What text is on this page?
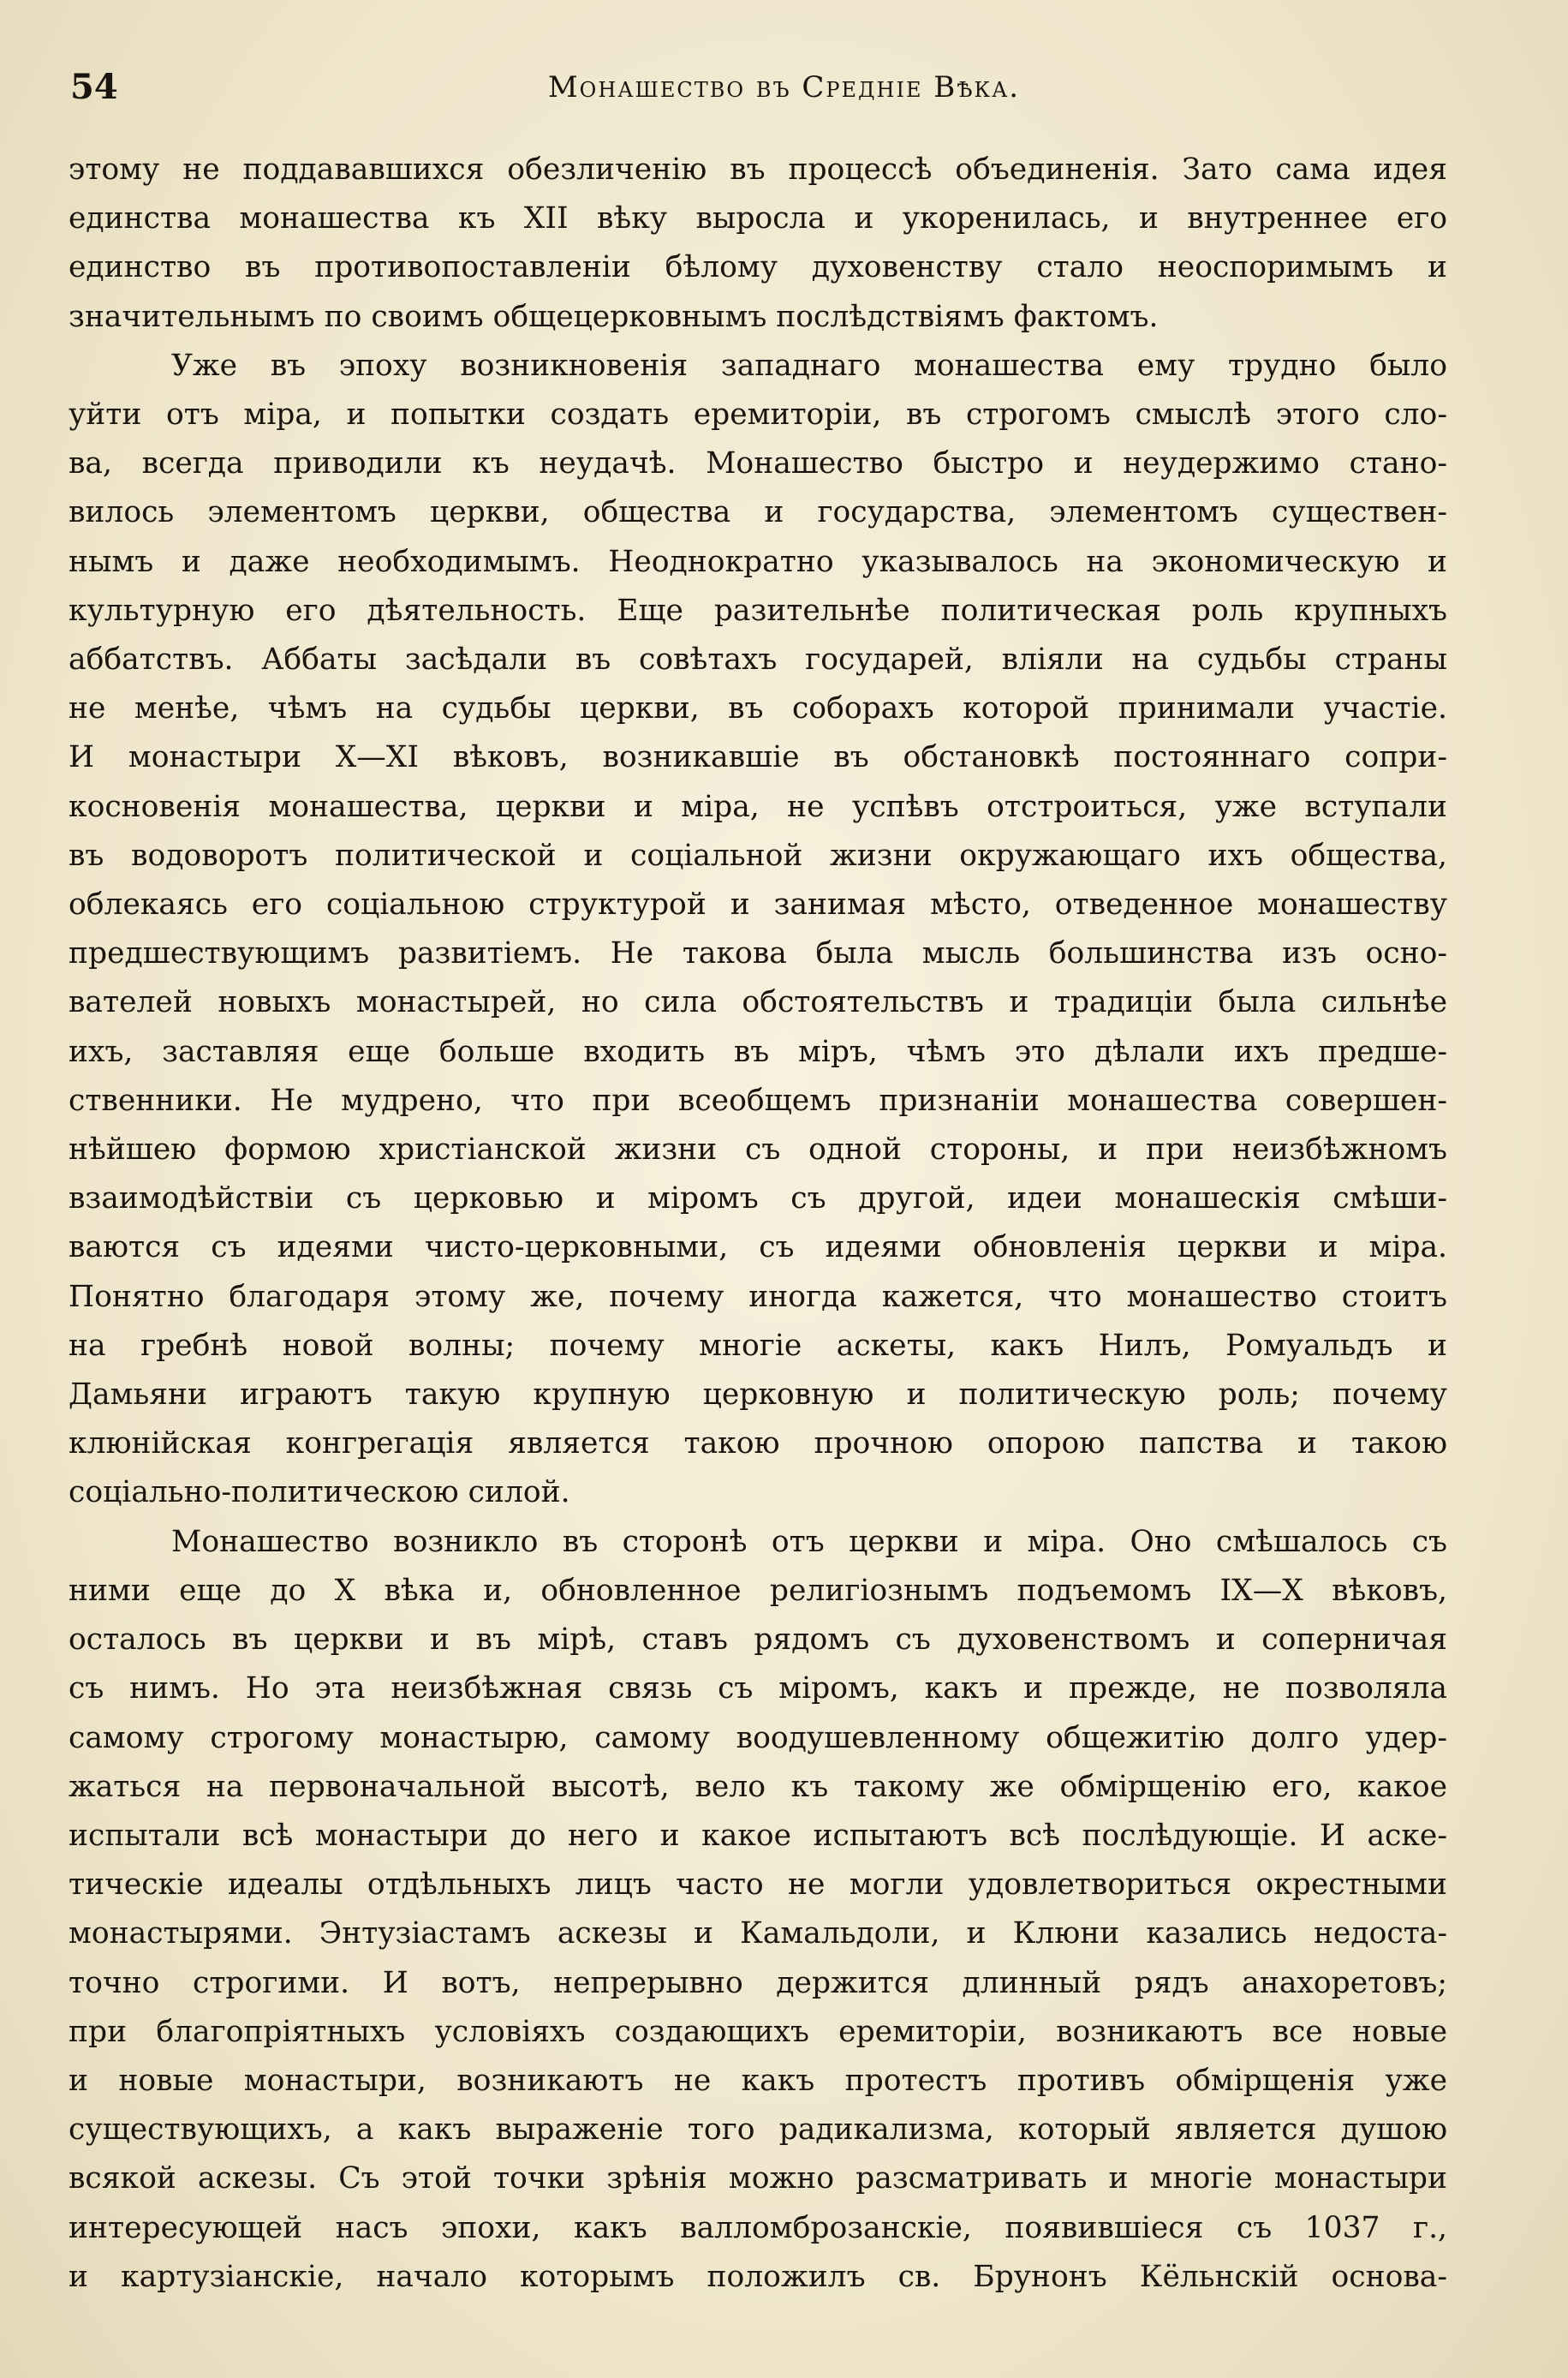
54	Монашество въ Средніе Вѣка.
этому не поддававшихся обезличенію въ процессѣ объединенія. Зато сама идея
единства монашества къ XII вѣку выросла и укоренилась, и внутреннее его
единство въ противопоставленіи бѣлому духовенству стало неоспоримымъ и
значительнымъ по своимъ общецерковнымъ послѣдствіямъ фактомъ.
Уже въ эпоху возникновенія западнаго монашества ему трудно было
уйти отъ міра, и попытки создать еремиторіи, въ строгомъ смыслѣ этого сло-
ва, всегда приводили къ неудачѣ. Монашество быстро и неудержимо стано-
вилось элементомъ церкви, общества и государства, элементомъ существен-
нымъ и даже необходимымъ. Неоднократно указывалось на экономическую и
культурную его дѣятельность. Еще разительнѣе политическая роль крупныхъ
аббатствъ. Аббаты засѣдали въ совѣтахъ государей, вліяли на судьбы страны
не менѣе, чѣмъ на судьбы церкви, въ соборахъ которой принимали участіе.
И монастыри X—XI вѣковъ, возникавшіе въ обстановкѣ постояннаго сопри-
косновенія монашества, церкви и міра, не успѣвъ отстроиться, уже вступали
въ водоворотъ политической и соціальной жизни окружающаго ихъ общества,
облекаясь его соціальною структурой и занимая мѣсто, отведенное монашеству
предшествующимъ развитіемъ. Не такова была мысль большинства изъ осно-
вателей новыхъ монастырей, но сила обстоятельствъ и традиціи была сильнѣе
ихъ, заставляя еще больше входить въ міръ, чѣмъ это дѣлали ихъ предше-
ственники. Не мудрено, что при всеобщемъ признаніи монашества совершен-
нѣйшею формою христіанской жизни съ одной стороны, и при неизбѣжномъ
взаимодѣйствіи съ церковью и міромъ съ другой, идеи монашескія смѣши-
ваются съ идеями чисто-церковными, съ идеями обновленія церкви и міра.
Понятно благодаря этому же, почему иногда кажется, что монашество стоитъ
на гребнѣ новой волны; почему многіе аскеты, какъ Нилъ, Ромуальдъ и
Дамьяни играютъ такую крупную церковную и политическую роль; почему
клюнійская конгрегація является такою прочною опорою папства и такою
соціально-политическою силой.
Монашество возникло въ сторонѣ отъ церкви и міра. Оно смѣшалось съ
ними еще до X вѣка и, обновленное религіознымъ подъемомъ IX—X вѣковъ,
осталось въ церкви и въ мірѣ, ставъ рядомъ съ духовенствомъ и соперничая
съ нимъ. Но эта неизбѣжная связь съ міромъ, какъ и прежде, не позволяла
самому строгому монастырю, самому воодушевленному общежитію долго удер-
жаться на первоначальной высотѣ, вело къ такому же обмірщенію его, какое
испытали всѣ монастыри до него и какое испытаютъ всѣ послѣдующіе. И аске-
тическіе идеалы отдѣльныхъ лицъ часто не могли удовлетвориться окрестными
монастырями. Энтузіастамъ аскезы и Камальдоли, и Клюни казались недоста-
точно строгими. И вотъ, непрерывно держится длинный рядъ анахоретовъ;
при благопріятныхъ условіяхъ создающихъ еремиторіи, возникаютъ все новые
и новые монастыри, возникаютъ не какъ протестъ противъ обмірщенія уже
существующихъ, а какъ выраженіе того радикализма, который является душою
всякой аскезы. Съ этой точки зрѣнія можно разсматривать и многіе монастыри
интересующей насъ эпохи, какъ валломброзанскіе, появившіеся съ 1037 г.,
и картузіанскіе, начало которымъ положилъ св. Брунонъ Кёльнскій основа-
